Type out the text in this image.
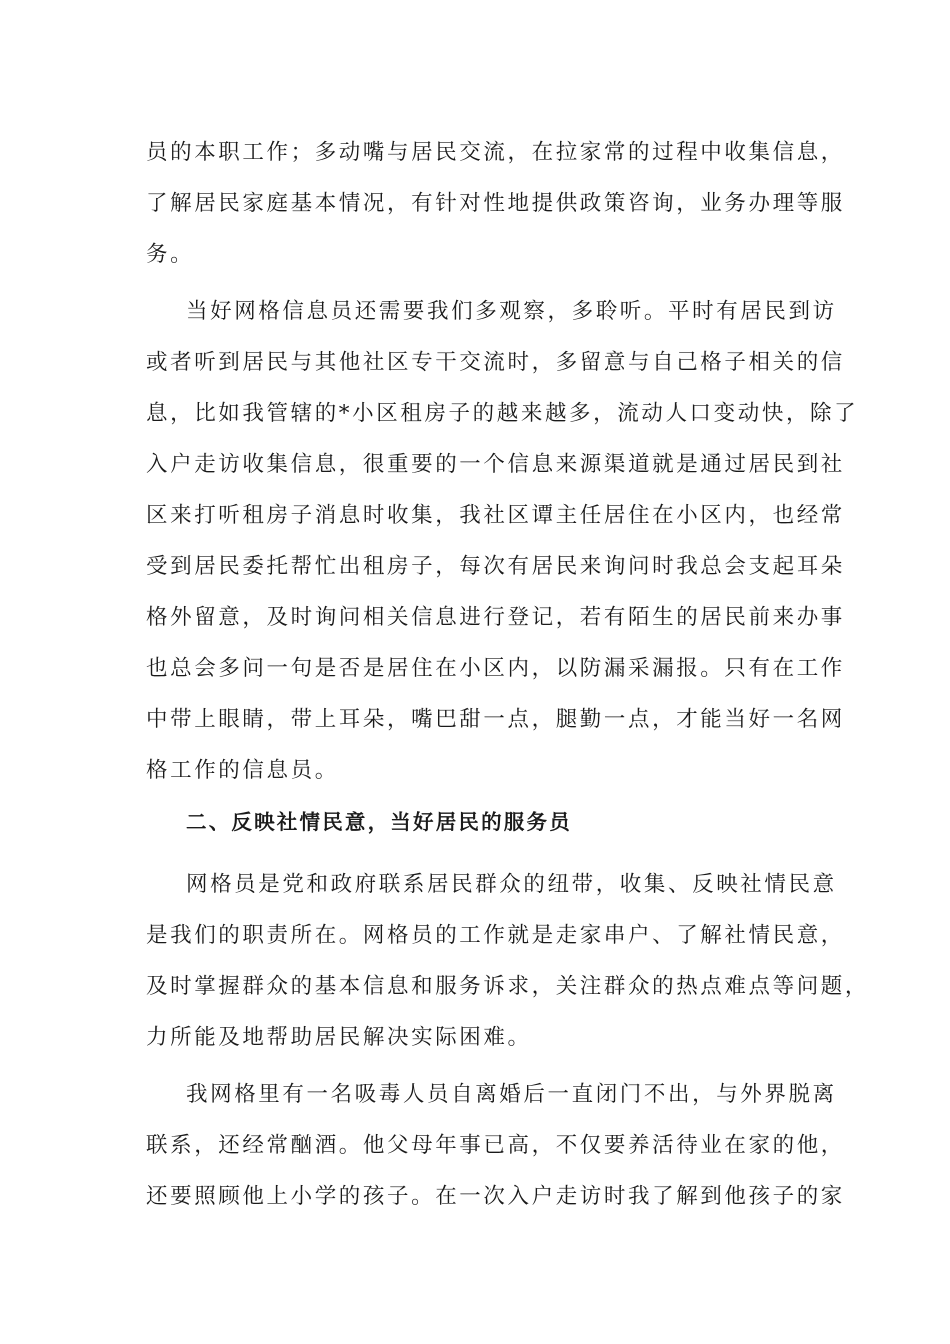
员的本职工作；多动嘴与居民交流，在拉家常的过程中收集信息，
了解居民家庭基本情况，有针对性地提供政策咨询，业务办理等服
务。
当好网格信息员还需要我们多观察，多聆听。平时有居民到访
或者听到居民与其他社区专干交流时，多留意与自己格子相关的信
息，比如我管辖的*小区租房子的越来越多，流动人口变动快，除了
入户走访收集信息，很重要的一个信息来源渠道就是通过居民到社
区来打听租房子消息时收集，我社区谭主任居住在小区内，也经常
受到居民委托帮忙出租房子，每次有居民来询问时我总会支起耳朵
格外留意，及时询问相关信息进行登记，若有陌生的居民前来办事
也总会多问一句是否是居住在小区内，以防漏采漏报。只有在工作
中带上眼睛，带上耳朵，嘴巴甜一点，腿勤一点，才能当好一名网
格工作的信息员。
二、反映社情民意，当好居民的服务员
网格员是党和政府联系居民群众的纽带，收集、反映社情民意
是我们的职责所在。网格员的工作就是走家串户、了解社情民意，
及时掌握群众的基本信息和服务诉求，关注群众的热点难点等问题，
力所能及地帮助居民解决实际困难。
我网格里有一名吸毒人员自离婚后一直闭门不出，与外界脱离
联系，还经常酗酒。他父母年事已高，不仅要养活待业在家的他，
还要照顾他上小学的孩子。在一次入户走访时我了解到他孩子的家
